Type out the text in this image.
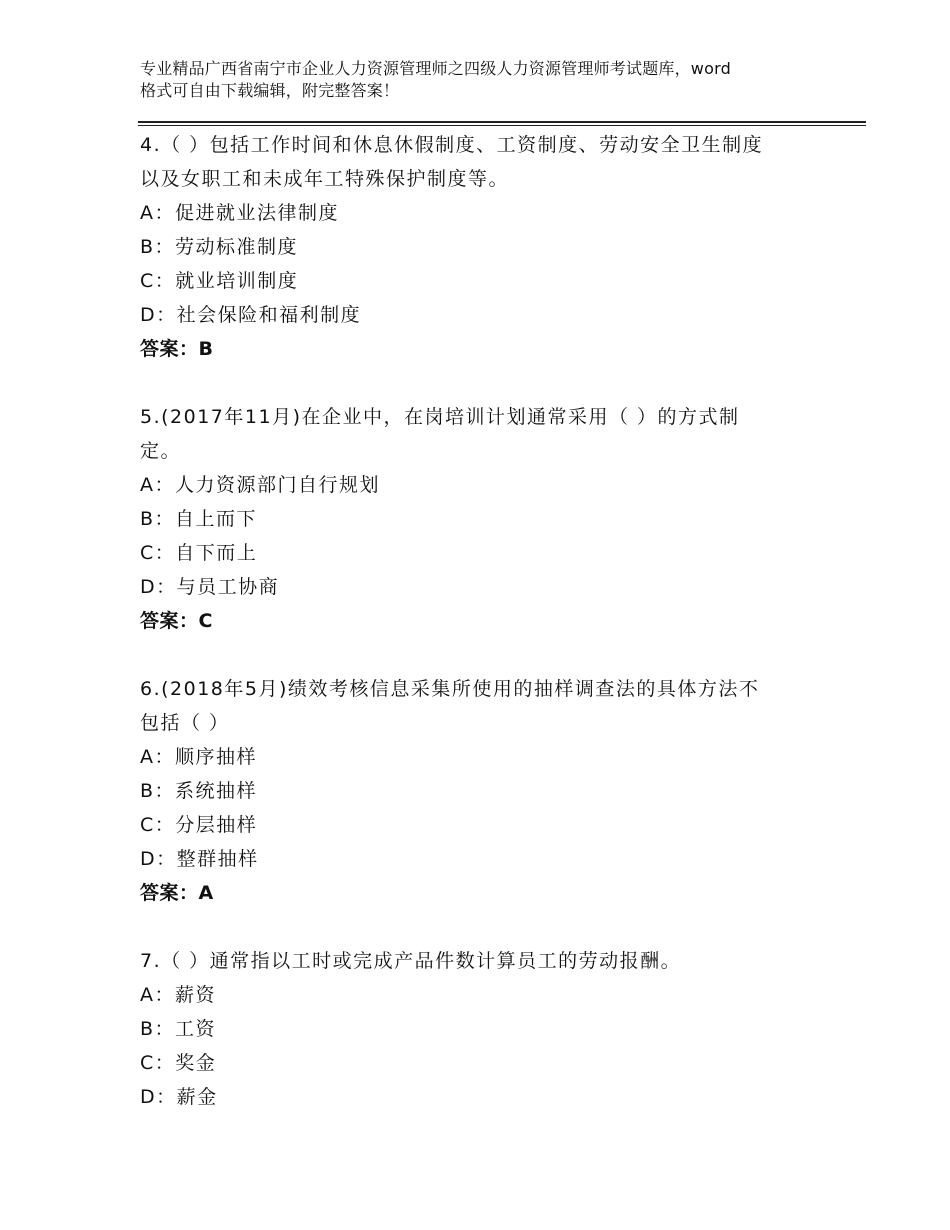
专业精品广西省南宁市企业人力资源管理师之四级人力资源管理师考试题库，word
格式可自由下载编辑，附完整答案！
4.（ ）包括工作时间和休息休假制度、工资制度、劳动安全卫生制度
以及女职工和未成年工特殊保护制度等。
A：促进就业法律制度
B：劳动标准制度
C：就业培训制度
D：社会保险和福利制度
答案：B
5.(2017年11月)在企业中，在岗培训计划通常采用（ ）的方式制
定。
A：人力资源部门自行规划
B：自上而下
C：自下而上
D：与员工协商
答案：C
6.(2018年5月)绩效考核信息采集所使用的抽样调查法的具体方法不
包括（ ）
A：顺序抽样
B：系统抽样
C：分层抽样
D：整群抽样
答案：A
7.（ ）通常指以工时或完成产品件数计算员工的劳动报酬。
A：薪资
B：工资
C：奖金
D：薪金
